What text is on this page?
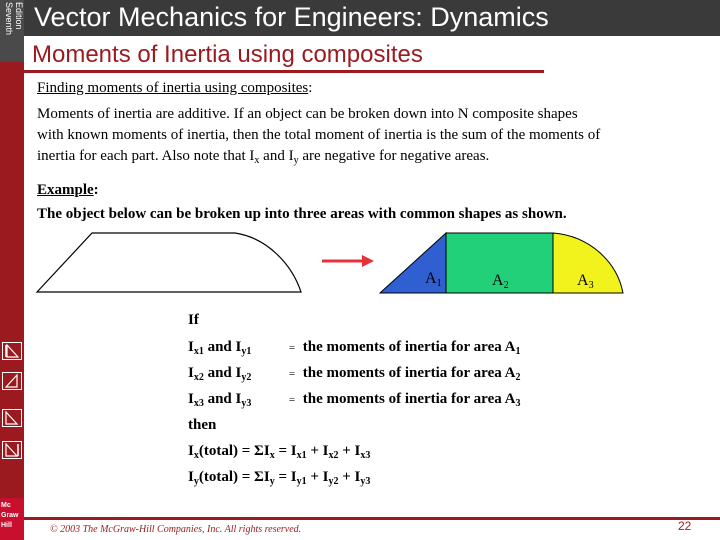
Seventh Edition Vector Mechanics for Engineers: Dynamics
Moments of Inertia using composites
Finding moments of inertia using composites:
Moments of inertia are additive. If an object can be broken down into N composite shapes
with known moments of inertia, then the total moment of inertia is the sum of the moments of
inertia for each part. Also note that $I_x$ and $I_y$ are negative for negative areas.
Example:
The object below can be broken up into three areas with common shapes as shown.
$A_1$	$A_2$	$A_3$
If
$I_{x1}$ and $I_{y1}$	= the moments of inertia for area $A_1$
$I_{x2}$ and $I_{y2}$	= the moments of inertia for area $A_2$
$I_{x3}$ and $I_{y3}$	= the moments of inertia for area $A_3$
then
$I_x(total) = \Sigma I_x = I_{x1} + I_{x2} + I_{x3}$
$I_y(total) = \Sigma I_y = I_{y1} + I_{y2} + I_{y3}$
© 2003 The McGraw-Hill Companies, Inc. All rights reserved.	22
Mc
Graw
Hill
